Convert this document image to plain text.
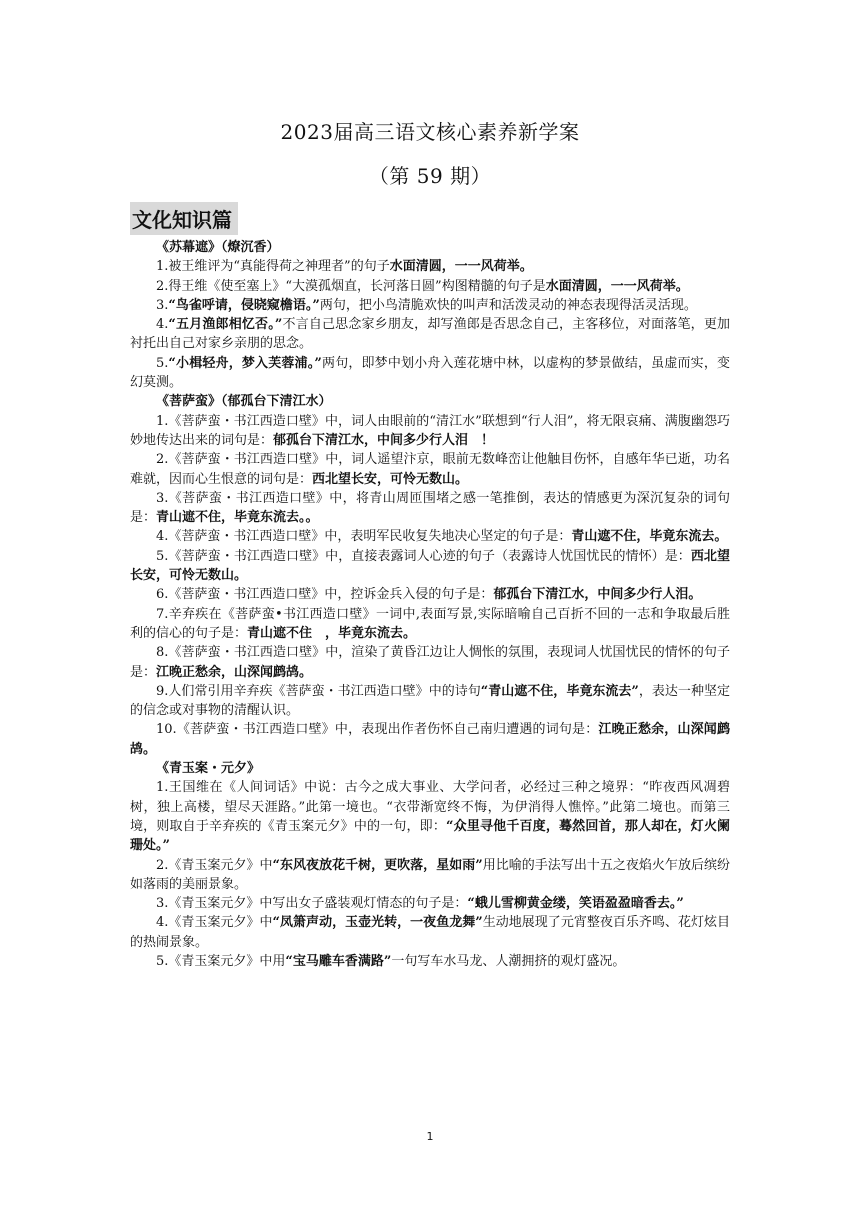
2023届高三语文核心素养新学案
（第 59 期）
文化知识篇

《苏幕遮》（燎沉香）

1.被王维评为“真能得荷之神理者”的句子水面清圆，一一风荷举。

2.得王维《使至塞上》“大漠孤烟直，长河落日圆”构图精髓的句子是水面清圆，一一风荷举。

3.“鸟雀呼请，侵晓窥檐语。”两句，把小鸟清脆欢快的叫声和活泼灵动的神态表现得活灵活现。

4.“五月渔郎相忆否。”不言自己思念家乡朋友，却写渔郎是否思念自己，主客移位，对面落笔，更加衬托出自己对家乡亲朋的思念。

5.“小楫轻舟，梦入芙蓉浦。”两句，即梦中划小舟入莲花塘中林，以虚构的梦景做结，虽虚而实，变幻莫测。

《菩萨蛮》（郁孤台下清江水）

1.《菩萨蛮・书江西造口壁》中，词人由眼前的“清江水”联想到“行人泪”，将无限哀痛、满腹幽怨巧妙地传达出来的词句是：郁孤台下清江水，中间多少行人泪　！

2.《菩萨蛮・书江西造口壁》中，词人遥望汴京，眼前无数峰峦让他触目伤怀，自感年华已逝，功名难就，因而心生恨意的词句是：西北望长安，可怜无数山。

3.《菩萨蛮・书江西造口壁》中，将青山周匝围堵之感一笔推倒，表达的情感更为深沉复杂的词句是：青山遮不住，毕竟东流去。。

4.《菩萨蛮・书江西造口壁》中，表明军民收复失地决心坚定的句子是：青山遮不住，毕竟东流去。

5.《菩萨蛮・书江西造口壁》中，直接表露词人心迹的句子（表露诗人忧国忧民的情怀）是：西北望长安，可怜无数山。

6.《菩萨蛮・书江西造口壁》中，控诉金兵入侵的句子是：郁孤台下清江水，中间多少行人泪。

7.辛弃疾在《菩萨蛮•书江西造口壁》一词中,表面写景,实际暗喻自己百折不回的一志和争取最后胜利的信心的句子是：青山遮不住　，毕竟东流去。

8.《菩萨蛮・书江西造口壁》中，渲染了黄昏江边让人惆怅的氛围，表现词人忧国忧民的情怀的句子是：江晚正愁余，山深闻鹧鸪。

9.人们常引用辛弃疾《菩萨蛮・书江西造口壁》中的诗句“青山遮不住，毕竟东流去”，表达一种坚定的信念或对事物的清醒认识。

10.《菩萨蛮・书江西造口壁》中，表现出作者伤怀自己南归遭遇的词句是：江晚正愁余，山深闻鹧鸪。

《青玉案・元夕》

1.王国维在《人间词话》中说：古今之成大事业、大学问者，必经过三种之境界：“昨夜西风凋碧树，独上高楼，望尽天涯路。”此第一境也。“衣带渐宽终不悔，为伊消得人憔悴。”此第二境也。而第三境，则取自于辛弃疾的《青玉案元夕》中的一句，即：“众里寻他千百度，蓦然回首，那人却在，灯火阑珊处。”

2.《青玉案元夕》中“东风夜放花千树，更吹落，星如雨”用比喻的手法写出十五之夜焰火乍放后缤纷如落雨的美丽景象。

3.《青玉案元夕》中写出女子盛装观灯情态的句子是：“蛾儿雪柳黄金缕，笑语盈盈暗香去。”

4.《青玉案元夕》中“凤箫声动，玉壶光转，一夜鱼龙舞”生动地展现了元宵整夜百乐齐鸣、花灯炫目的热闹景象。

5.《青玉案元夕》中用“宝马雕车香满路”一句写车水马龙、人潮拥挤的观灯盛况。

1
